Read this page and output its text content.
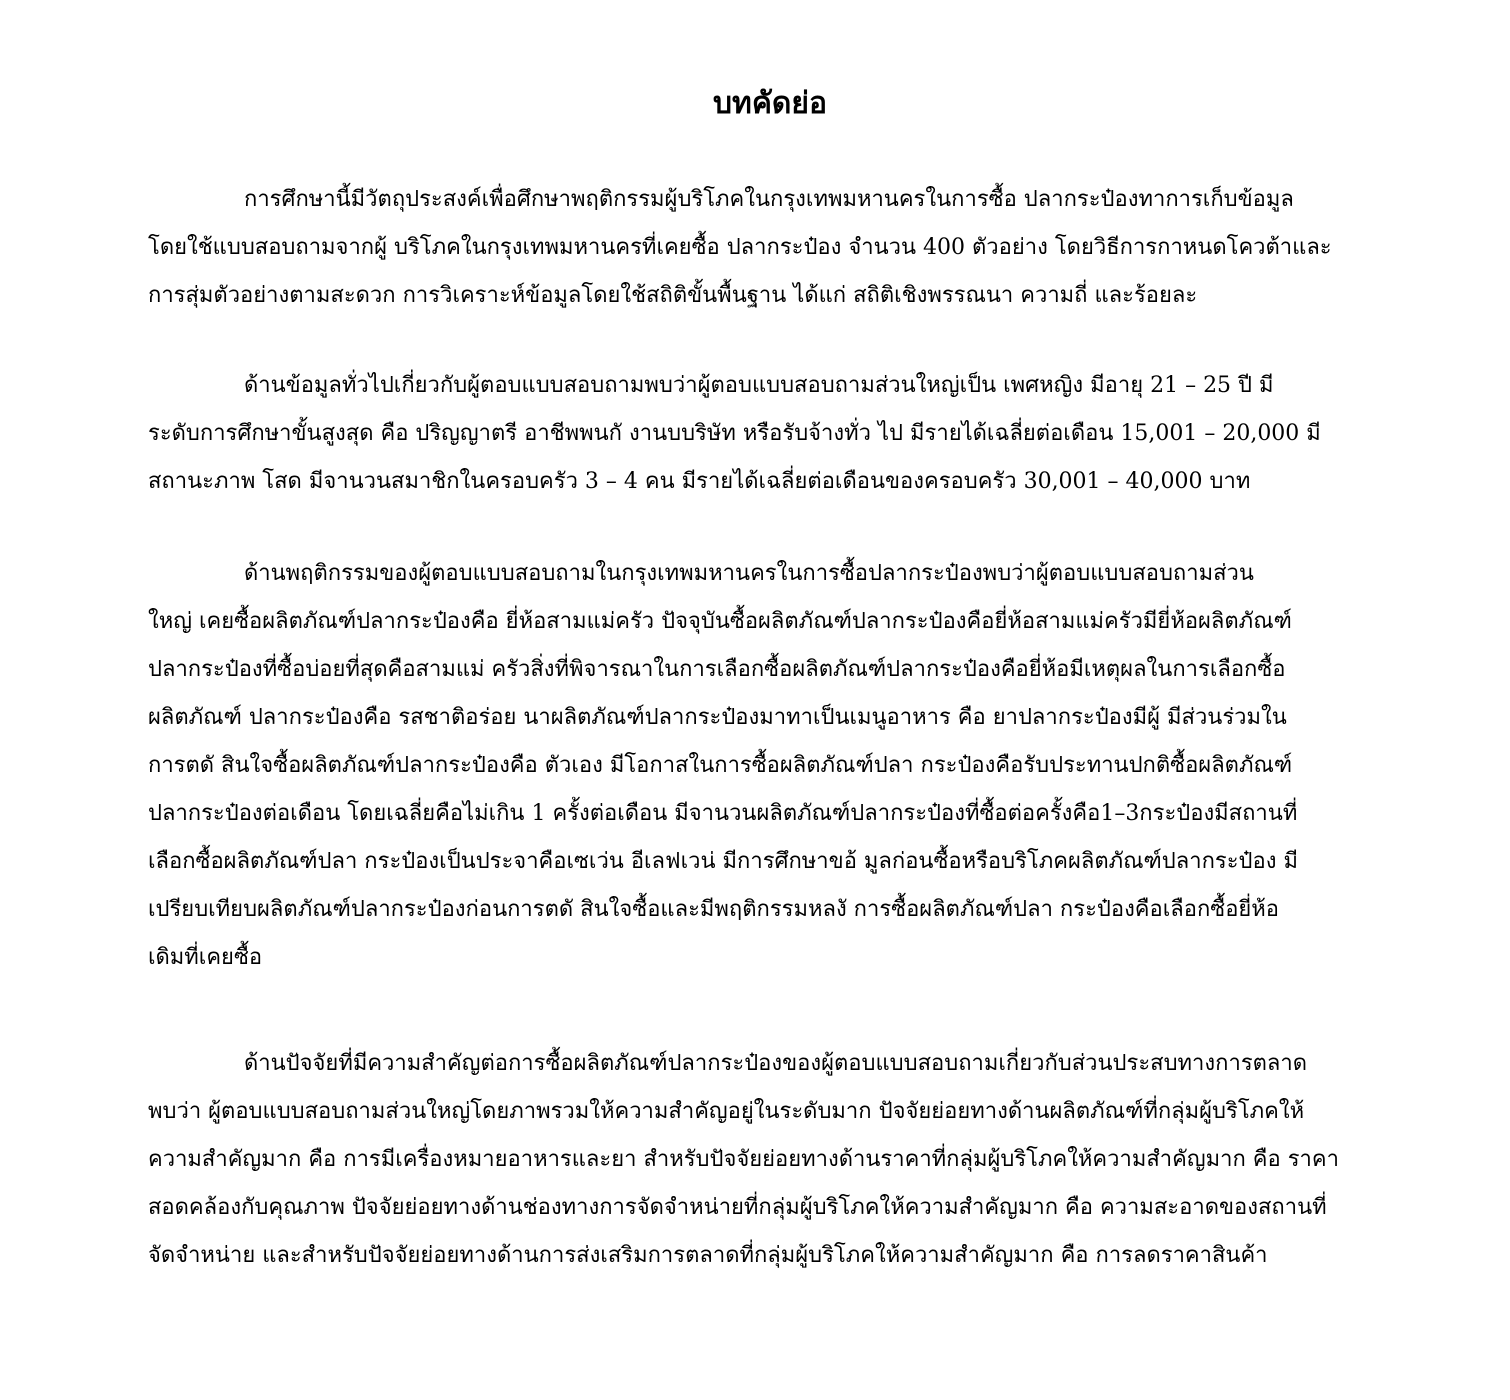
บทคัดย่อ
การศึกษานี้มีวัตถุประสงค์เพื่อศึกษาพฤติกรรมผู้บริโภคในกรุงเทพมหานครในการซื้อ ปลากระป๋องทาการเก็บข้อมูล
โดยใช้แบบสอบถามจากผู้ บริโภคในกรุงเทพมหานครที่เคยซื้อ ปลากระป๋อง จำนวน 400 ตัวอย่าง โดยวิธีการกาหนดโควต้าและ
การสุ่มตัวอย่างตามสะดวก การวิเคราะห์ข้อมูลโดยใช้สถิติขั้นพื้นฐาน ได้แก่ สถิติเชิงพรรณนา ความถี่ และร้อยละ
ด้านข้อมูลทั่วไปเกี่ยวกับผู้ตอบแบบสอบถามพบว่าผู้ตอบแบบสอบถามส่วนใหญ่เป็น เพศหญิง มีอายุ 21 – 25 ปี มี
ระดับการศึกษาขั้นสูงสุด คือ ปริญญาตรี อาชีพพนกั งานบบริษัท หรือรับจ้างทั่ว ไป มีรายได้เฉลี่ยต่อเดือน 15,001 – 20,000 มี
สถานะภาพ โสด มีจานวนสมาชิกในครอบครัว 3 – 4 คน มีรายได้เฉลี่ยต่อเดือนของครอบครัว 30,001 – 40,000 บาท
ด้านพฤติกรรมของผู้ตอบแบบสอบถามในกรุงเทพมหานครในการซื้อปลากระป๋องพบว่าผู้ตอบแบบสอบถามส่วน
ใหญ่ เคยซื้อผลิตภัณฑ์ปลากระป๋องคือ ยี่ห้อสามแม่ครัว ปัจจุบันซื้อผลิตภัณฑ์ปลากระป๋องคือยี่ห้อสามแม่ครัวมียี่ห้อผลิตภัณฑ์
ปลากระป๋องที่ซื้อบ่อยที่สุดคือสามแม่ ครัวสิ่งที่พิจารณาในการเลือกซื้อผลิตภัณฑ์ปลากระป๋องคือยี่ห้อมีเหตุผลในการเลือกซื้อ
ผลิตภัณฑ์ ปลากระป๋องคือ รสชาติอร่อย นาผลิตภัณฑ์ปลากระป๋องมาทาเป็นเมนูอาหาร คือ ยาปลากระป๋องมีผู้ มีส่วนร่วมใน
การตดั สินใจซื้อผลิตภัณฑ์ปลากระป๋องคือ ตัวเอง มีโอกาสในการซื้อผลิตภัณฑ์ปลา กระป๋องคือรับประทานปกติซื้อผลิตภัณฑ์
ปลากระป๋องต่อเดือน โดยเฉลี่ยคือไม่เกิน 1 ครั้งต่อเดือน มีจานวนผลิตภัณฑ์ปลากระป๋องที่ซื้อต่อครั้งคือ1–3กระป๋องมีสถานที่
เลือกซื้อผลิตภัณฑ์ปลา กระป๋องเป็นประจาคือเซเว่น อีเลฟเวน่ มีการศึกษาขอ้ มูลก่อนซื้อหรือบริโภคผลิตภัณฑ์ปลากระป๋อง มี
เปรียบเทียบผลิตภัณฑ์ปลากระป๋องก่อนการตดั สินใจซื้อและมีพฤติกรรมหลงั การซื้อผลิตภัณฑ์ปลา กระป๋องคือเลือกซื้อยี่ห้อ
เดิมที่เคยซื้อ
ด้านปัจจัยที่มีความสำคัญต่อการซื้อผลิตภัณฑ์ปลากระป๋องของผู้ตอบแบบสอบถามเกี่ยวกับส่วนประสบทางการตลาด
พบว่า ผู้ตอบแบบสอบถามส่วนใหญ่โดยภาพรวมให้ความสำคัญอยู่ในระดับมาก ปัจจัยย่อยทางด้านผลิตภัณฑ์ที่กลุ่มผู้บริโภคให้
ความสำคัญมาก คือ การมีเครื่องหมายอาหารและยา สำหรับปัจจัยย่อยทางด้านราคาที่กลุ่มผู้บริโภคให้ความสำคัญมาก คือ ราคา
สอดคล้องกับคุณภาพ ปัจจัยย่อยทางด้านช่องทางการจัดจำหน่ายที่กลุ่มผู้บริโภคให้ความสำคัญมาก คือ ความสะอาดของสถานที่
จัดจำหน่าย และสำหรับปัจจัยย่อยทางด้านการส่งเสริมการตลาดที่กลุ่มผู้บริโภคให้ความสำคัญมาก คือ การลดราคาสินค้า
